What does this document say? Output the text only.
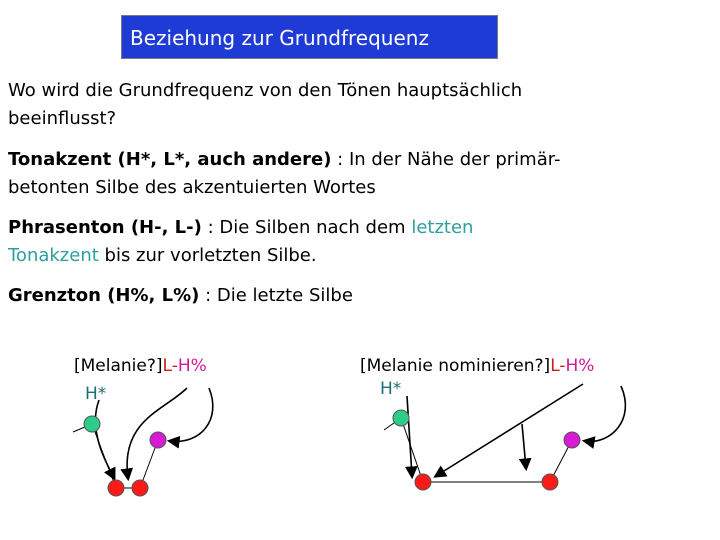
Beziehung zur Grundfrequenz
Wo wird die Grundfrequenz von den Tönen hauptsächlich
beeinflusst?
Tonakzent (H*, L*, auch andere) : In der Nähe der primär-
betonten Silbe des akzentuierten Wortes
Phrasenton (H-, L-) : Die Silben nach dem letzten
Tonakzent bis zur vorletzten Silbe.
Grenzton (H%, L%) : Die letzte Silbe
[Melanie?]L-H%
H*
[Melanie nominieren?]L-H%
H*
